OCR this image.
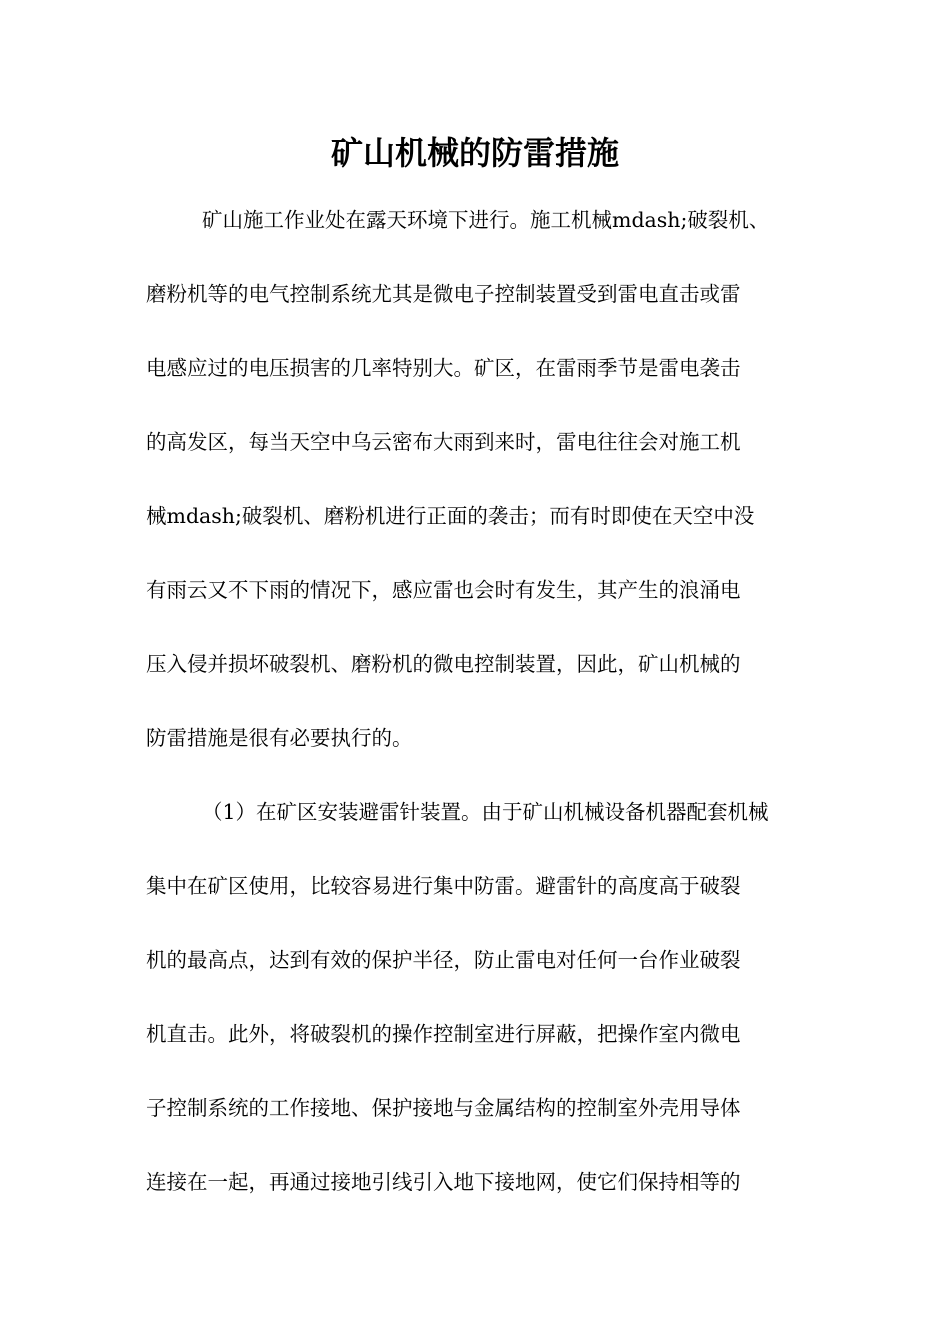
矿山机械的防雷措施
矿山施工作业处在露天环境下进行。施工机械mdash;破裂机、
磨粉机等的电气控制系统尤其是微电子控制装置受到雷电直击或雷
电感应过的电压损害的几率特别大。矿区，在雷雨季节是雷电袭击
的高发区，每当天空中乌云密布大雨到来时，雷电往往会对施工机
械mdash;破裂机、磨粉机进行正面的袭击；而有时即使在天空中没
有雨云又不下雨的情况下，感应雷也会时有发生，其产生的浪涌电
压入侵并损坏破裂机、磨粉机的微电控制装置，因此，矿山机械的
防雷措施是很有必要执行的。
（1）在矿区安装避雷针装置。由于矿山机械设备机器配套机械
集中在矿区使用，比较容易进行集中防雷。避雷针的高度高于破裂
机的最高点，达到有效的保护半径，防止雷电对任何一台作业破裂
机直击。此外，将破裂机的操作控制室进行屏蔽，把操作室内微电
子控制系统的工作接地、保护接地与金属结构的控制室外壳用导体
连接在一起，再通过接地引线引入地下接地网，使它们保持相等的
